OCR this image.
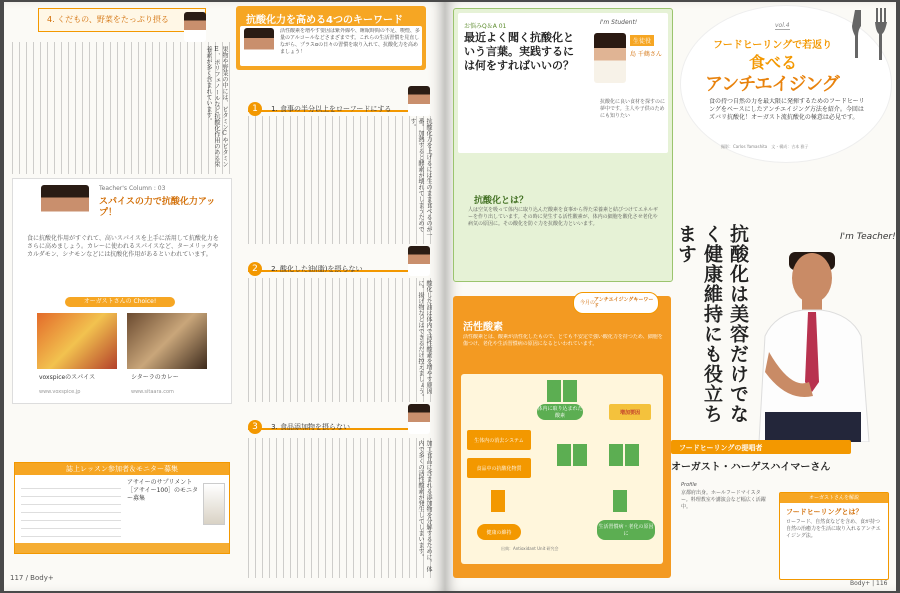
4. くだもの、野菜をたっぷり摂る
果物や野菜の中には、ビタミンCやビタミンE、ポリフェノールなど抗酸化作用のある栄養素が多く含まれています。
Teacher's Column : 03
スパイスの力で抗酸化力アップ！
食に抗酸化作用がすぐれて、高いスパイスを上手に活用して抗酸化力をさらに高めましょう。カレーに使われるスパイスなど、ターメリックやカルダモン、シナモンなどには抗酸化作用があるといわれています。
オーガストさんの Choice!
voxspiceのスパイス	シターラのカレー
www.voxspice.jp	www.sitaara.com
誌上レッスン参加者＆モニター募集
アサイーのサプリメント［アサイー100］のモニター募集
117 / Body+
抗酸化力を高める4つのキーワード
活性酸素を増やす要因は紫外線や、睡眠時間の不足、喫煙、多量のアルコールなどさまざまです。これらの生活習慣を見直しながら、プラスαの日々の習慣を取り入れて、抗酸化力を高めましょう！
1 1. 食事の半分以上をローフードにする
抗酸化力を上げるには生のまま食べるのが一番。加熱すると酵素が壊れてしまうためです。
2 2. 酸化した油(脂)を摂らない
酸化した油は体内で活性酸素を増やす原因に。揚げ物などはできるだけ控えましょう。
3 3. 食品添加物を摂らない
加工食品に含まれる添加物を分解するために、体内で多くの活性酸素が発生してしまいます。
お悩みQ＆A 01
最近よく聞く抗酸化という言葉。実践するには何をすればいいの？
I'm Student!
生徒役
島 千鶴さん
抗酸化に良い食材を探すのに夢中です。主人や子供のためにも知りたい
抗酸化とは？
人は空気を吸って体内に取り込んだ酸素を食事から得た栄養素と結びつけてエネルギーを作り出しています。その時に発生する活性酸素が、体内の細胞を酸化させ老化や病気の原因に。その酸化を防ぐ力を抗酸化力といいます。
今月の
アンチエイジングキーワード
活性酸素
活性酸素とは、酸素が活性化したもので、とても不安定で強い酸化力を持つため、細胞を傷つけ、老化や生活習慣病の原因になるといわれています。
体内に取り込まれた酸素
増加要因
生体内の消去システム
食品中の抗酸化物質
健康の維持
生活習慣病・老化の原因に
出典：Antioxidant Unit 研究会
vol.4
フードヒーリングで若返り
食べる
アンチエイジング
食の持つ自然の力を最大限に発揮するためのフードヒーリングをベースにしたアンチエイジング方法を紹介。今回はズバリ抗酸化！オーガスト流抗酸化の極意は必見です。
撮影：Carlos Yamashita　文・構成：吉本 雅子
I'm Teacher!
抗酸化は美容だけでなく健康維持にも役立ちます
フードヒーリングの提唱者
オーガスト・ハーゲスハイマーさん
Profile
京都府出身。ホールフードマイスター。料理教室や講演会など幅広く活躍中。
オーガストさんを解説
フードヒーリングとは？
ローフード、自然食などを含め、食が持つ自然の治癒力を生活に取り入れるアンチエイジング法。
Body+ | 116
